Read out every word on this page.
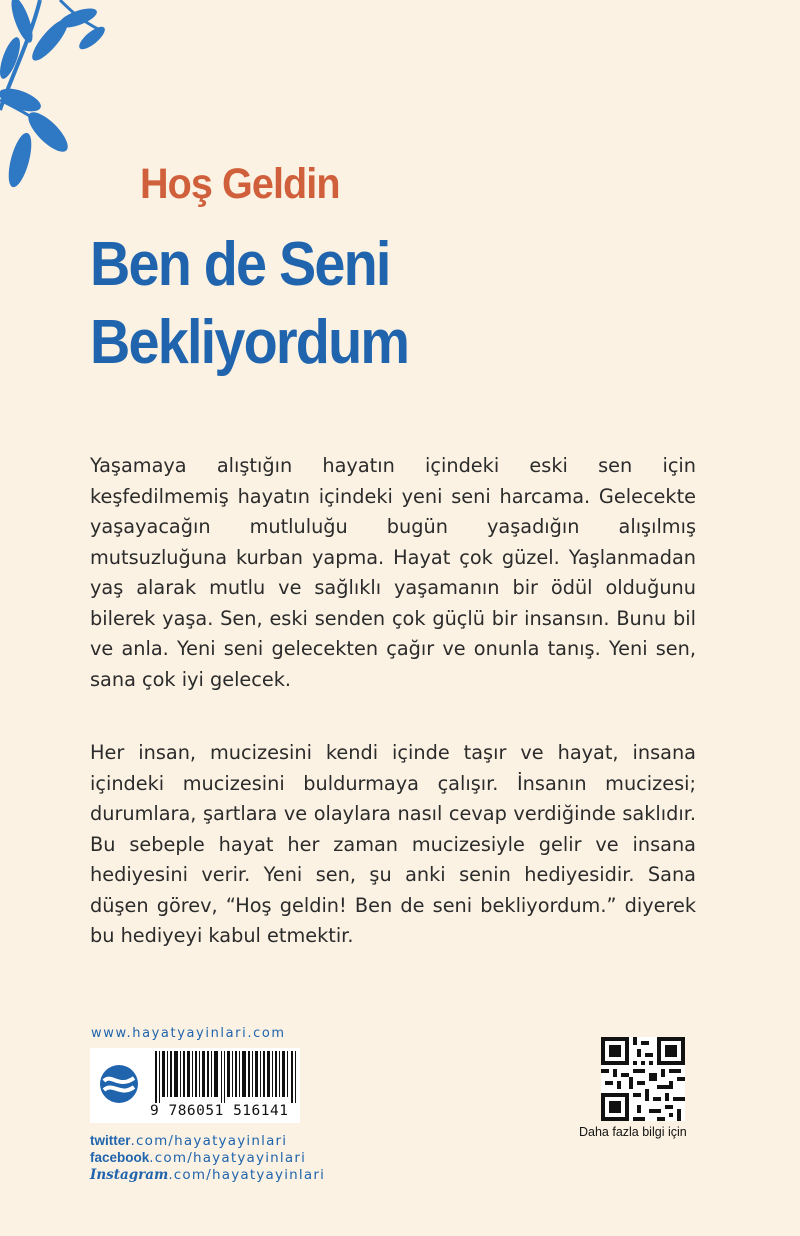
Hoş Geldin
Ben de Seni
Bekliyordum

Yaşamaya alıştığın hayatın içindeki eski sen için keşfedilmemiş hayatın içindeki yeni seni harcama. Gelecekte yaşayacağın mutluluğu bugün yaşadığın alışılmış mutsuzluğuna kurban yapma. Hayat çok güzel. Yaşlanmadan yaş alarak mutlu ve sağlıklı yaşamanın bir ödül olduğunu bilerek yaşa. Sen, eski senden çok güçlü bir insansın. Bunu bil ve anla. Yeni seni gelecekten çağır ve onunla tanış. Yeni sen, sana çok iyi gelecek.

Her insan, mucizesini kendi içinde taşır ve hayat, insana içindeki mucizesini buldurmaya çalışır. İnsanın mucizesi; durumlara, şartlara ve olaylara nasıl cevap verdiğinde saklıdır. Bu sebeple hayat her zaman mucizesiyle gelir ve insana hediyesini verir. Yeni sen, şu anki senin hediyesidir. Sana düşen görev, “Hoş geldin! Ben de seni bekliyordum.” diyerek bu hediyeyi kabul etmektir.

www.hayatyayinlari.com
9 786051 516141
twitter.com/hayatyayinlari
facebook.com/hayatyayinlari
Instagram.com/hayatyayinlari
Daha fazla bilgi için
